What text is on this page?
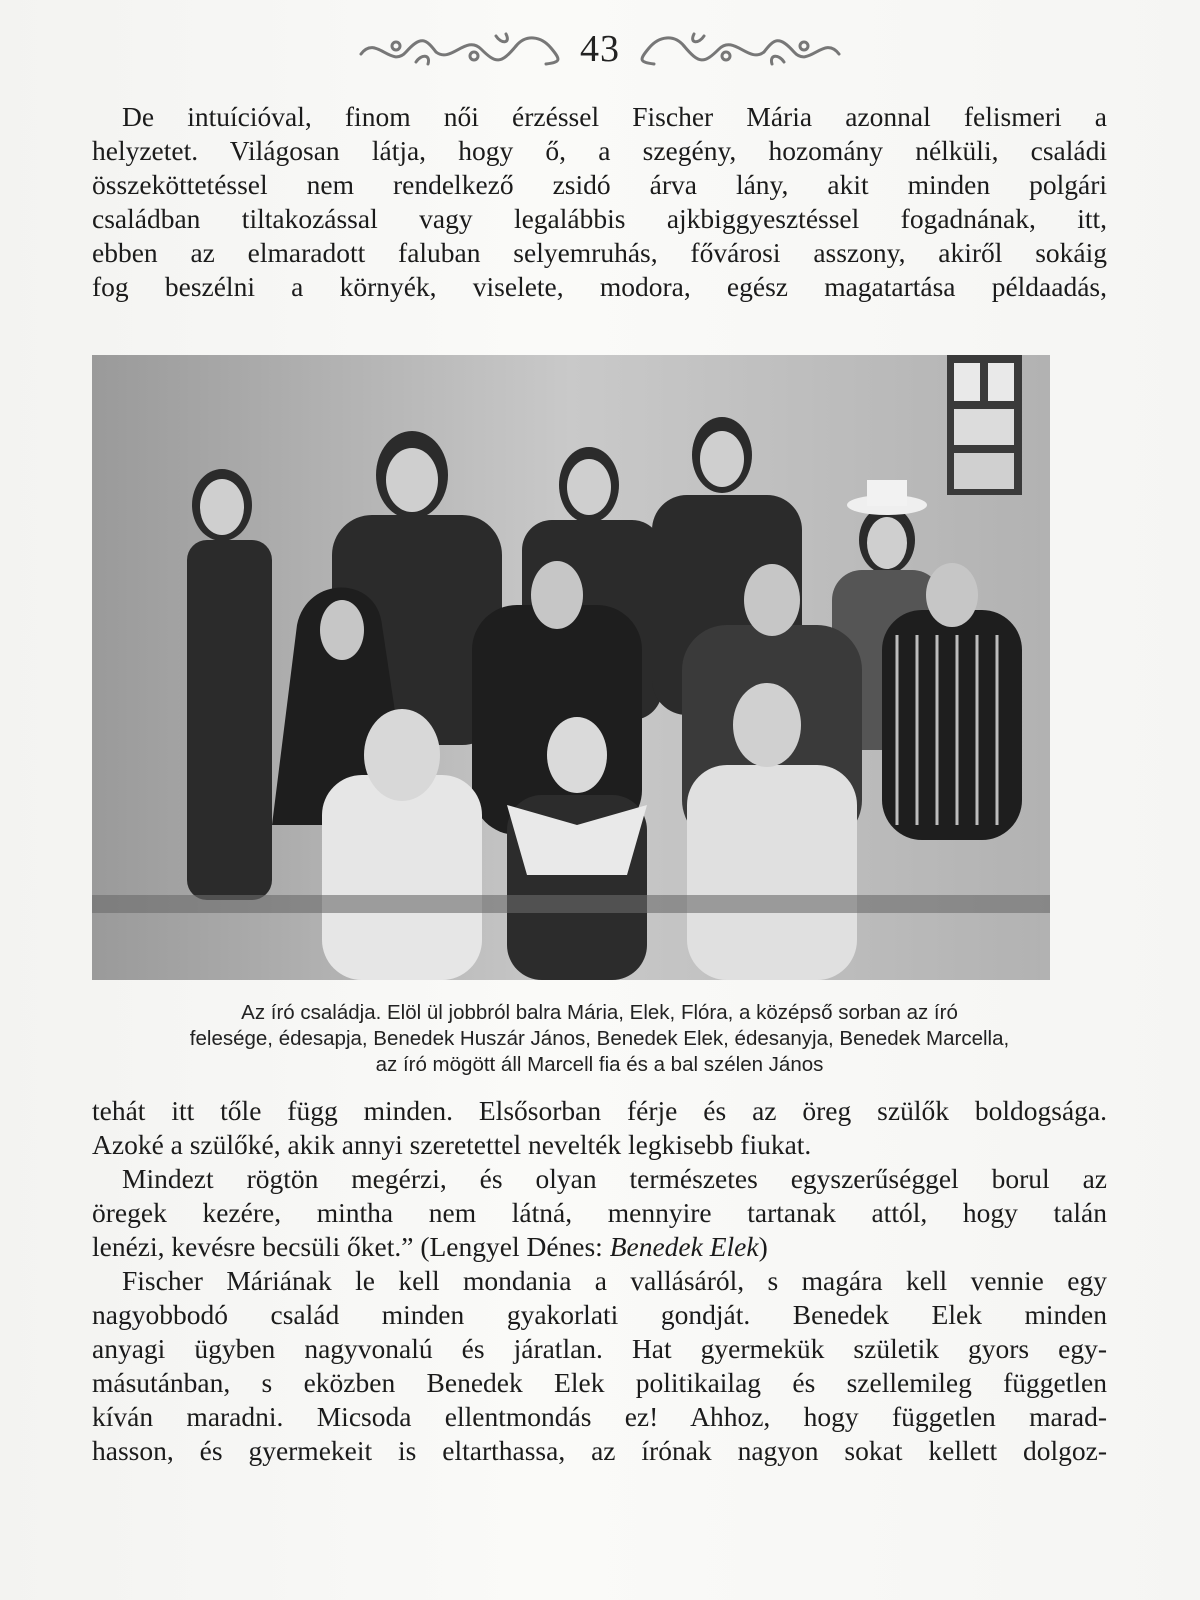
43
De intuícióval, finom női érzéssel Fischer Mária azonnal felismeri a
helyzetet. Világosan látja, hogy ő, a szegény, hozomány nélküli, családi
összeköttetéssel nem rendelkező zsidó árva lány, akit minden polgári
családban tiltakozással vagy legalábbis ajkbiggyesztéssel fogadnának, itt,
ebben az elmaradott faluban selyemruhás, fővárosi asszony, akiről sokáig
fog beszélni a környék, viselete, modora, egész magatartása példaadás,
Az író családja. Elöl ül jobbról balra Mária, Elek, Flóra, a középső sorban az író
felesége, édesapja, Benedek Huszár János, Benedek Elek, édesanyja, Benedek Marcella,
az író mögött áll Marcell fia és a bal szélen János
tehát itt tőle függ minden. Elsősorban férje és az öreg szülők boldogsága.
Azoké a szülőké, akik annyi szeretettel nevelték legkisebb fiukat.
Mindezt rögtön megérzi, és olyan természetes egyszerűséggel borul az
öregek kezére, mintha nem látná, mennyire tartanak attól, hogy talán
lenézi, kevésre becsüli őket.” (Lengyel Dénes: Benedek Elek)
Fischer Máriának le kell mondania a vallásáról, s magára kell vennie egy
nagyobbodó család minden gyakorlati gondját. Benedek Elek minden
anyagi ügyben nagyvonalú és járatlan. Hat gyermekük születik gyors egy-
másutánban, s eközben Benedek Elek politikailag és szellemileg független
kíván maradni. Micsoda ellentmondás ez! Ahhoz, hogy független marad-
hasson, és gyermekeit is eltarthassa, az írónak nagyon sokat kellett dolgoz-
